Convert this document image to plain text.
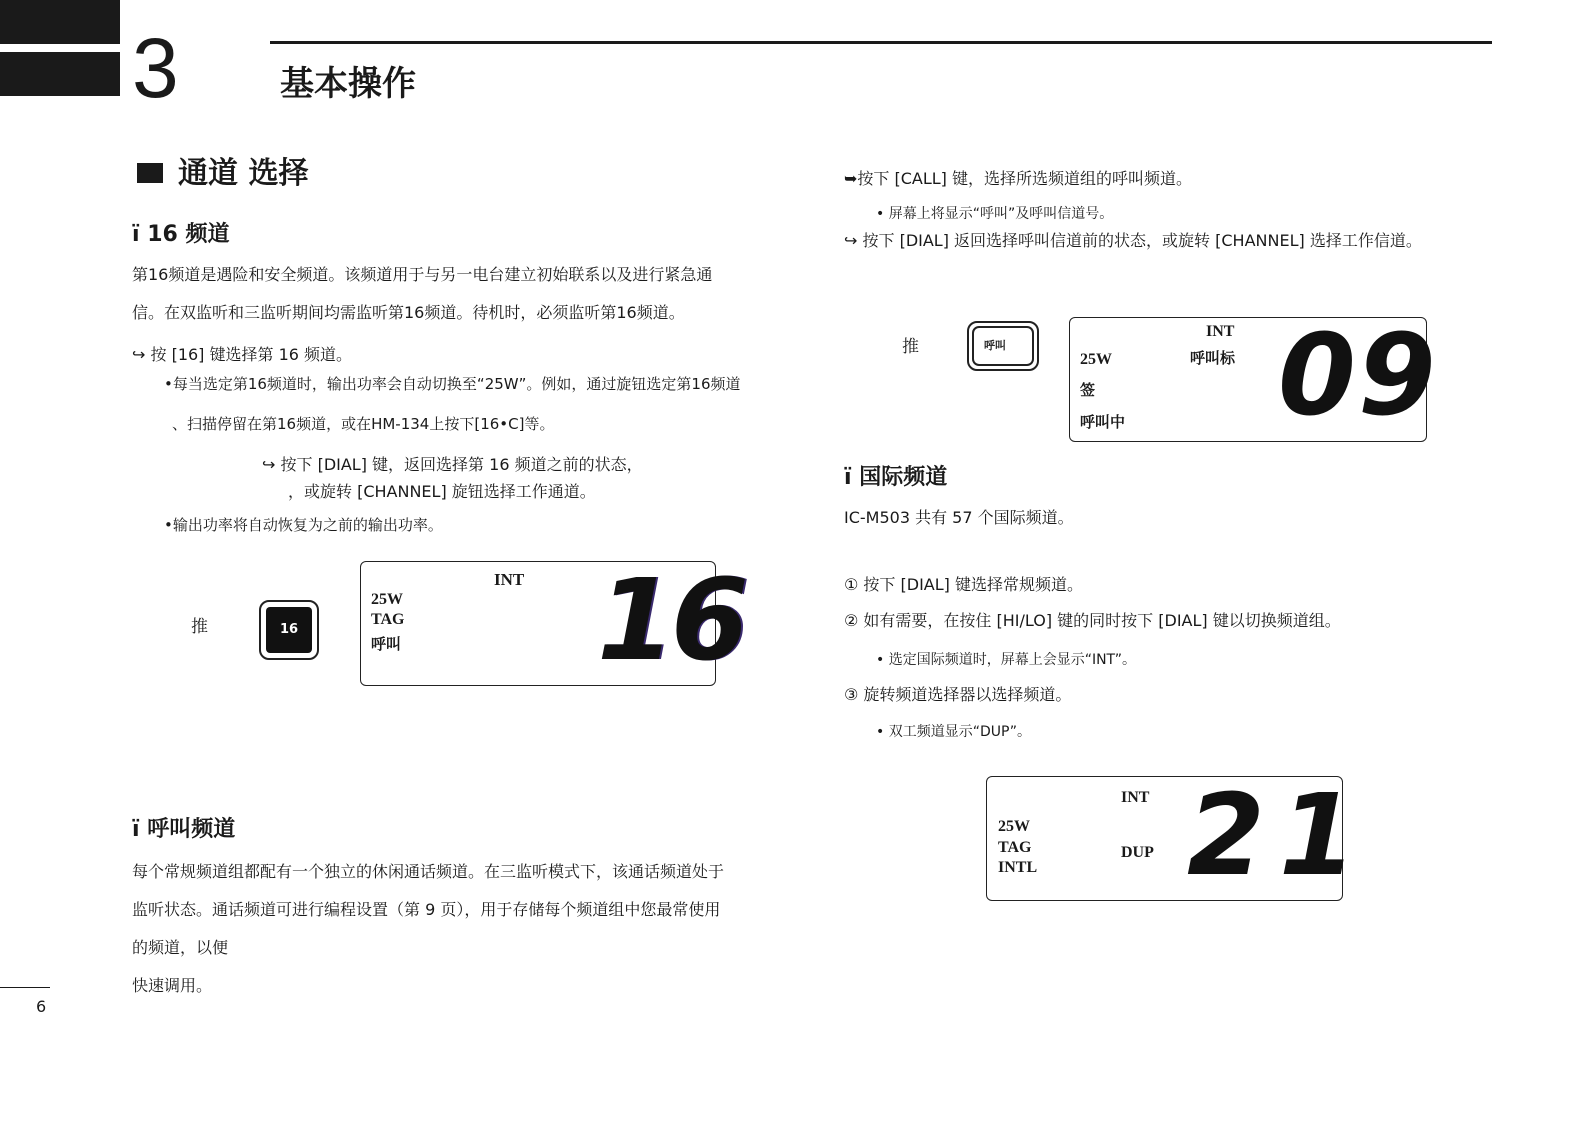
3	基本操作
通道 选择
ï 16 频道
第16频道是遇险和安全频道。该频道用于与另一电台建立初始联系以及进行紧急通
信。在双监听和三监听期间均需监听第16频道。待机时，必须监听第16频道。
↪ 按 [16] 键选择第 16 频道。
•每当选定第16频道时，输出功率会自动切换至“25W”。例如，通过旋钮选定第16频道
、扫描停留在第16频道，或在HM-134上按下[16•C]等。
↪ 按下 [DIAL] 键，返回选择第 16 频道之前的状态，
，或旋转 [CHANNEL] 旋钮选择工作通道。
•输出功率将自动恢复为之前的输出功率。
推	16
INT
25W
TAG
呼叫 16
ï 呼叫频道
每个常规频道组都配有一个独立的休闲通话频道。在三监听模式下，该通话频道处于
监听状态。通话频道可进行编程设置（第 9 页），用于存储每个频道组中您最常使用
的频道，以便
快速调用。
6
➥按下 [CALL] 键，选择所选频道组的呼叫频道。
• 屏幕上将显示“呼叫”及呼叫信道号。
↪ 按下 [DIAL] 返回选择呼叫信道前的状态，或旋转 [CHANNEL] 选择工作信道。
推	呼叫
INT
25W	呼叫标
签
呼叫中 09
ï 国际频道
IC-M503 共有 57 个国际频道。
① 按下 [DIAL] 键选择常规频道。
② 如有需要，在按住 [HI/LO] 键的同时按下 [DIAL] 键以切换频道组。
• 选定国际频道时，屏幕上会显示“INT”。
③ 旋转频道选择器以选择频道。
• 双工频道显示“DUP”。
INT
25W
TAG
INTL
DUP 21
